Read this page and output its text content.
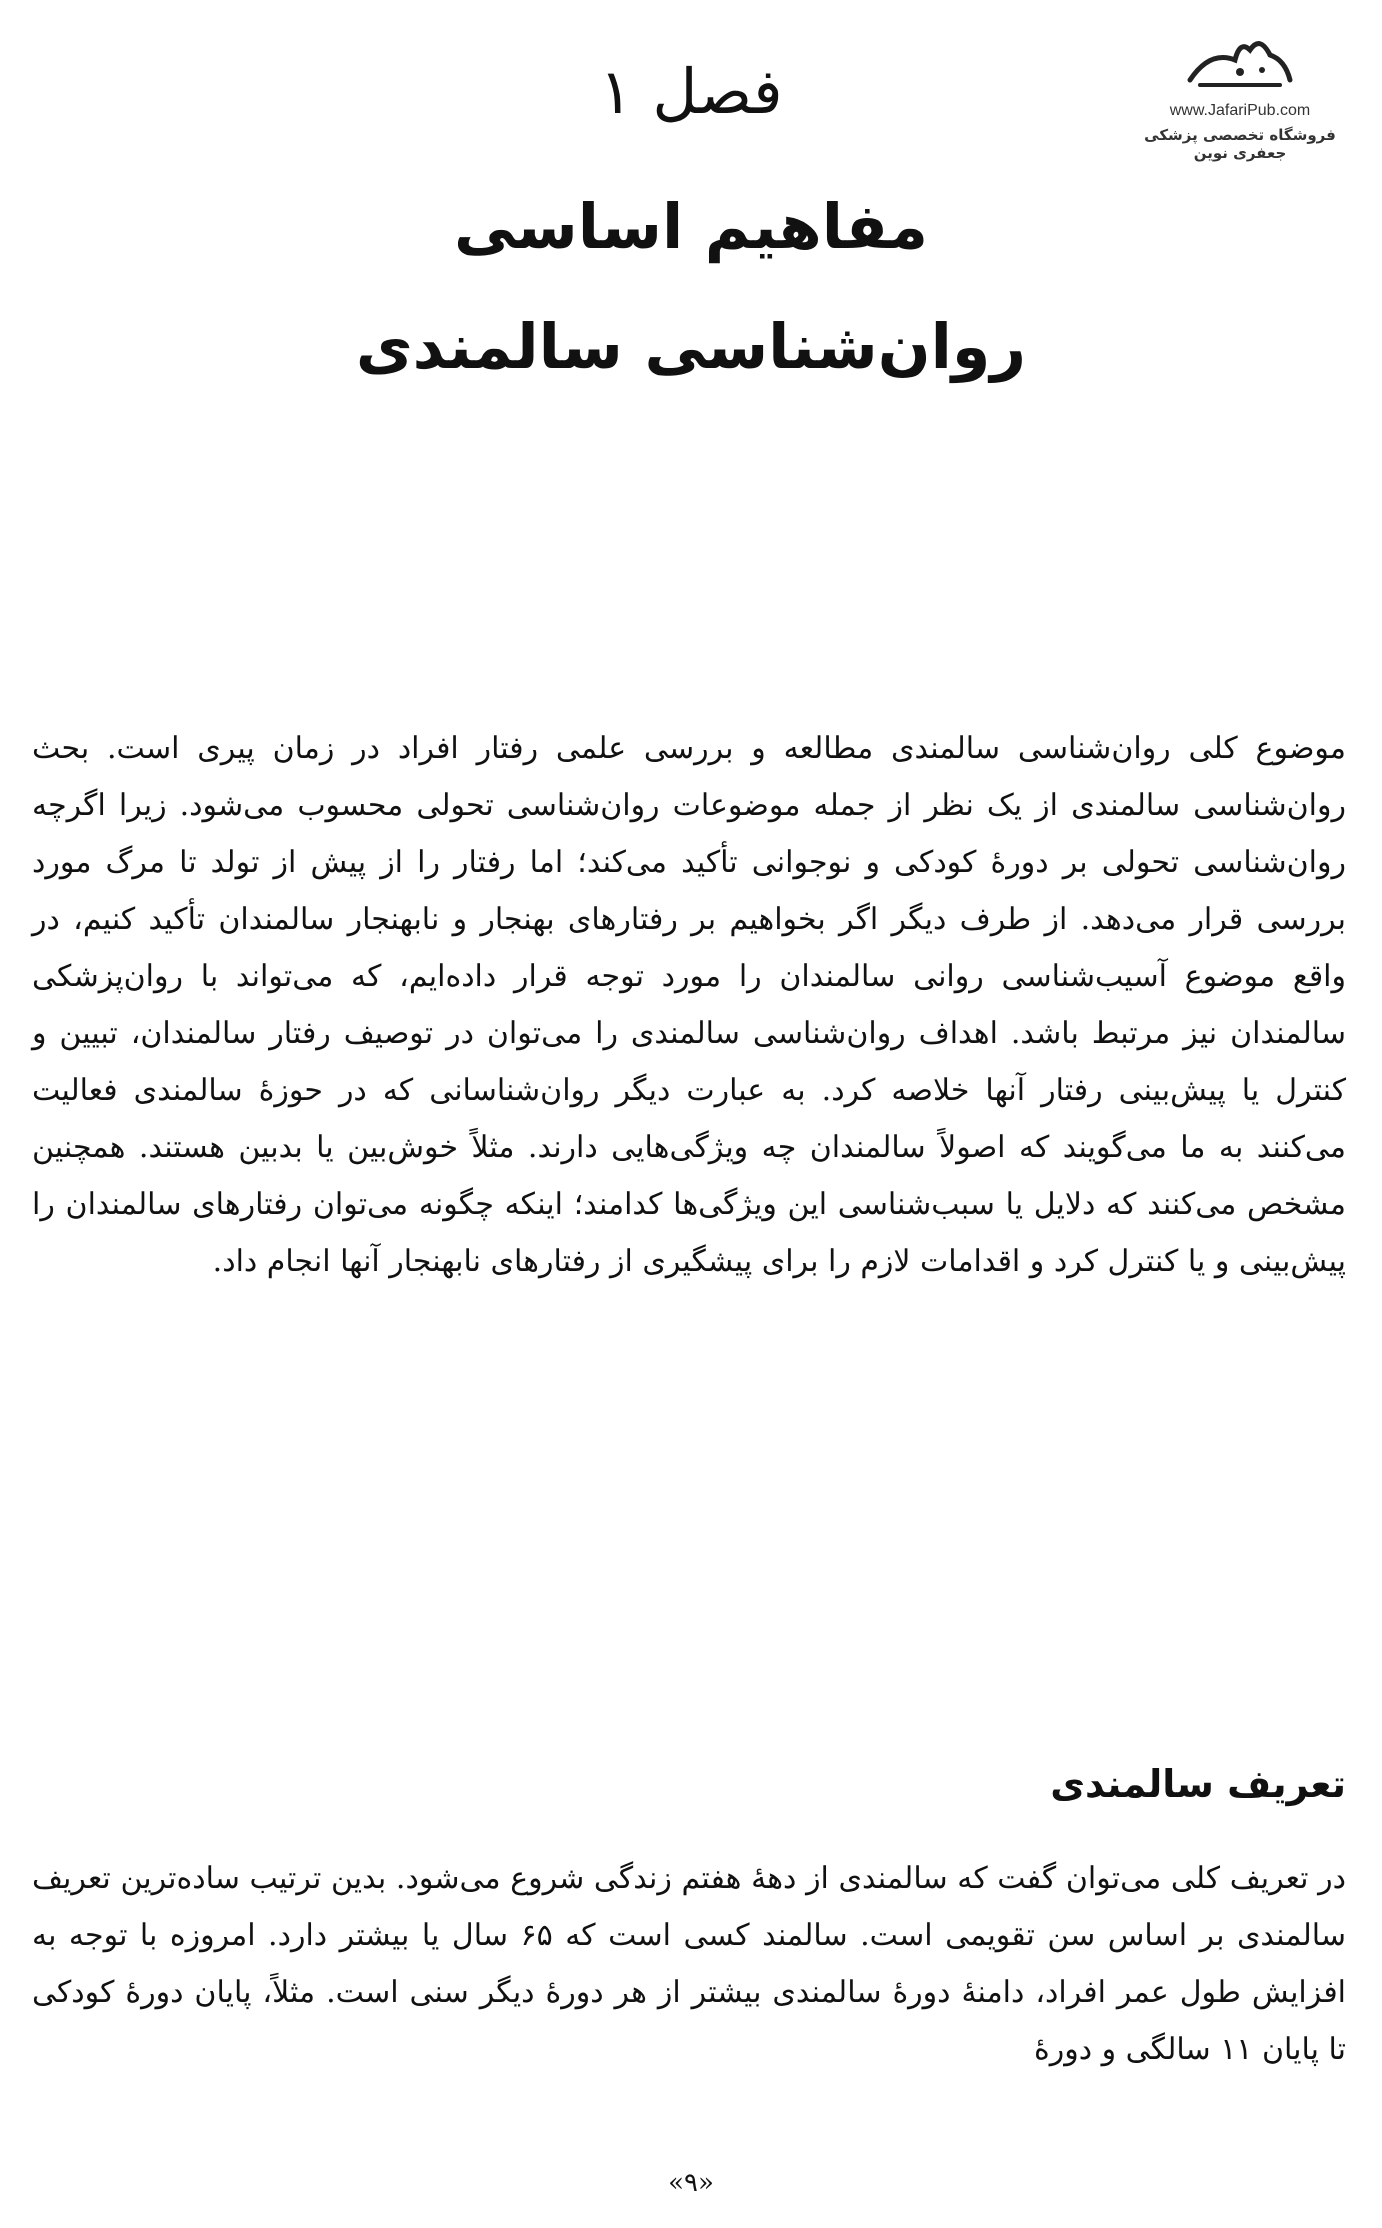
www.JafariPub.com
فروشگاه تخصصی پزشکی جعفری نوین
فصل ۱
مفاهیم اساسی
روان‌شناسی سالمندی

موضوع کلی روان‌شناسی سالمندی مطالعه و بررسی علمی رفتار افراد در زمان پیری است. بحث روان‌شناسی سالمندی از یک نظر از جمله موضوعات روان‌شناسی تحولی محسوب می‌شود. زیرا اگرچه روان‌شناسی تحولی بر دورهٔ کودکی و نوجوانی تأکید می‌کند؛ اما رفتار را از پیش از تولد تا مرگ مورد بررسی قرار می‌دهد. از طرف دیگر اگر بخواهیم بر رفتارهای بهنجار و نابهنجار سالمندان تأکید کنیم، در واقع موضوع آسیب‌شناسی روانی سالمندان را مورد توجه قرار داده‌ایم، که می‌تواند با روان‌پزشکی سالمندان نیز مرتبط باشد. اهداف روان‌شناسی سالمندی را می‌توان در توصیف رفتار سالمندان، تبیین و کنترل یا پیش‌بینی رفتار آنها خلاصه کرد. به عبارت دیگر روان‌شناسانی که در حوزهٔ سالمندی فعالیت می‌کنند به ما می‌گویند که اصولاً سالمندان چه ویژگی‌هایی دارند. مثلاً خوش‌بین یا بدبین هستند. همچنین مشخص می‌کنند که دلایل یا سبب‌شناسی این ویژگی‌ها کدامند؛ اینکه چگونه می‌توان رفتارهای سالمندان را پیش‌بینی و یا کنترل کرد و اقدامات لازم را برای پیشگیری از رفتارهای نابهنجار آنها انجام داد.

تعریف سالمندی

در تعریف کلی می‌توان گفت که سالمندی از دههٔ هفتم زندگی شروع می‌شود. بدین ترتیب ساده‌ترین تعریف سالمندی بر اساس سن تقویمی است. سالمند کسی است که ۶۵ سال یا بیشتر دارد. امروزه با توجه به افزایش طول عمر افراد، دامنهٔ دورهٔ سالمندی بیشتر از هر دورهٔ دیگر سنی است. مثلاً، پایان دورهٔ کودکی تا پایان ۱۱ سالگی و دورهٔ

«۹»
